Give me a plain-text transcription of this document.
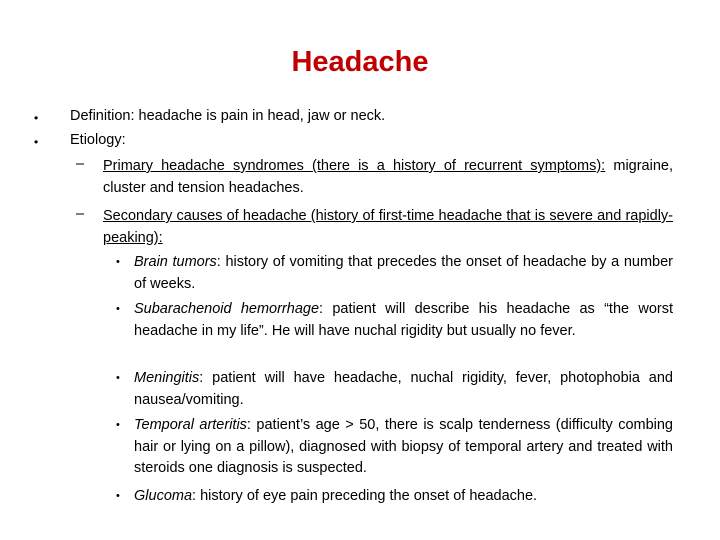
Headache
• Definition: headache is pain in head, jaw or neck.
• Etiology:
– Primary headache syndromes (there is a history of recurrent symptoms): migraine, cluster and tension headaches.
– Secondary causes of headache (history of first-time headache that is severe and rapidly-peaking):
• Brain tumors: history of vomiting that precedes the onset of headache by a number of weeks.
• Subarachenoid hemorrhage: patient will describe his headache as “the worst headache in my life”. He will have nuchal rigidity but usually no fever.
• Meningitis: patient will have headache, nuchal rigidity, fever, photophobia and nausea/vomiting.
• Temporal arteritis: patient’s age > 50, there is scalp tenderness (difficulty combing hair or lying on a pillow), diagnosed with biopsy of temporal artery and treated with steroids one diagnosis is suspected.
• Glucoma: history of eye pain preceding the onset of headache.
